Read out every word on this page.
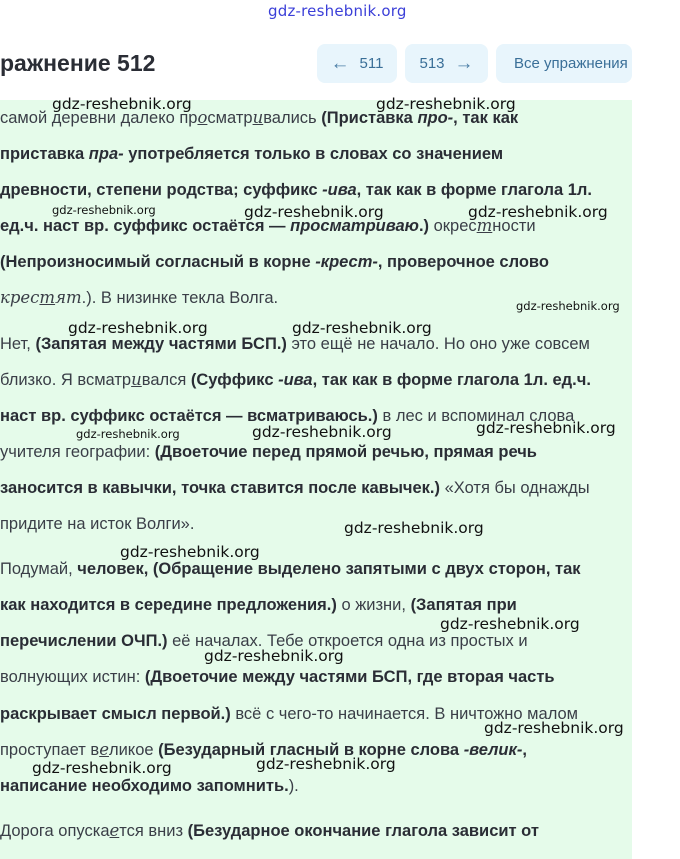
gdz-reshebnik.org
ражнение 512	← 511 513 →	Все упражнения
самой деревни далеко просматривались (Приставка про-, так как
приставка пра- употребляется только в словах со значением
древности, степени родства; суффикс -ива, так как в форме глагола 1л.
ед.ч. наст вр. суффикс остаётся — просматриваю.) окрестности
(Непроизносимый согласный в корне -крест-, проверочное слово
крестят.). В низинке текла Волга.
Нет, (Запятая между частями БСП.) это ещё не начало. Но оно уже совсем
близко. Я всматривался (Суффикс -ива, так как в форме глагола 1л. ед.ч.
наст вр. суффикс остаётся — всматриваюсь.) в лес и вспоминал слова
учителя географии: (Двоеточие перед прямой речью, прямая речь
заносится в кавычки, точка ставится после кавычек.) «Хотя бы однажды
придите на исток Волги».
Подумай, человек, (Обращение выделено запятыми с двух сторон, так
как находится в середине предложения.) о жизни, (Запятая при
перечислении ОЧП.) её началах. Тебе откроется одна из простых и
волнующих истин: (Двоеточие между частями БСП, где вторая часть
раскрывает смысл первой.) всё с чего-то начинается. В ничтожно малом
проступает великое (Безударный гласный в корне слова -велик-,
написание необходимо запомнить.).
Дорога опускается вниз (Безударное окончание глагола зависит от
gdz-reshebnik.org	gdz-reshebnik.org
gdz-reshebnik.org	gdz-reshebnik.org	gdz-reshebnik.org
gdz-reshebnik.org
gdz-reshebnik.org	gdz-reshebnik.org
gdz-reshebnik.org	gdz-reshebnik.org	gdz-reshebnik.org
gdz-reshebnik.org
gdz-reshebnik.org
gdz-reshebnik.org
gdz-reshebnik.org
gdz-reshebnik.org
gdz-reshebnik.org
gdz-reshebnik.org
